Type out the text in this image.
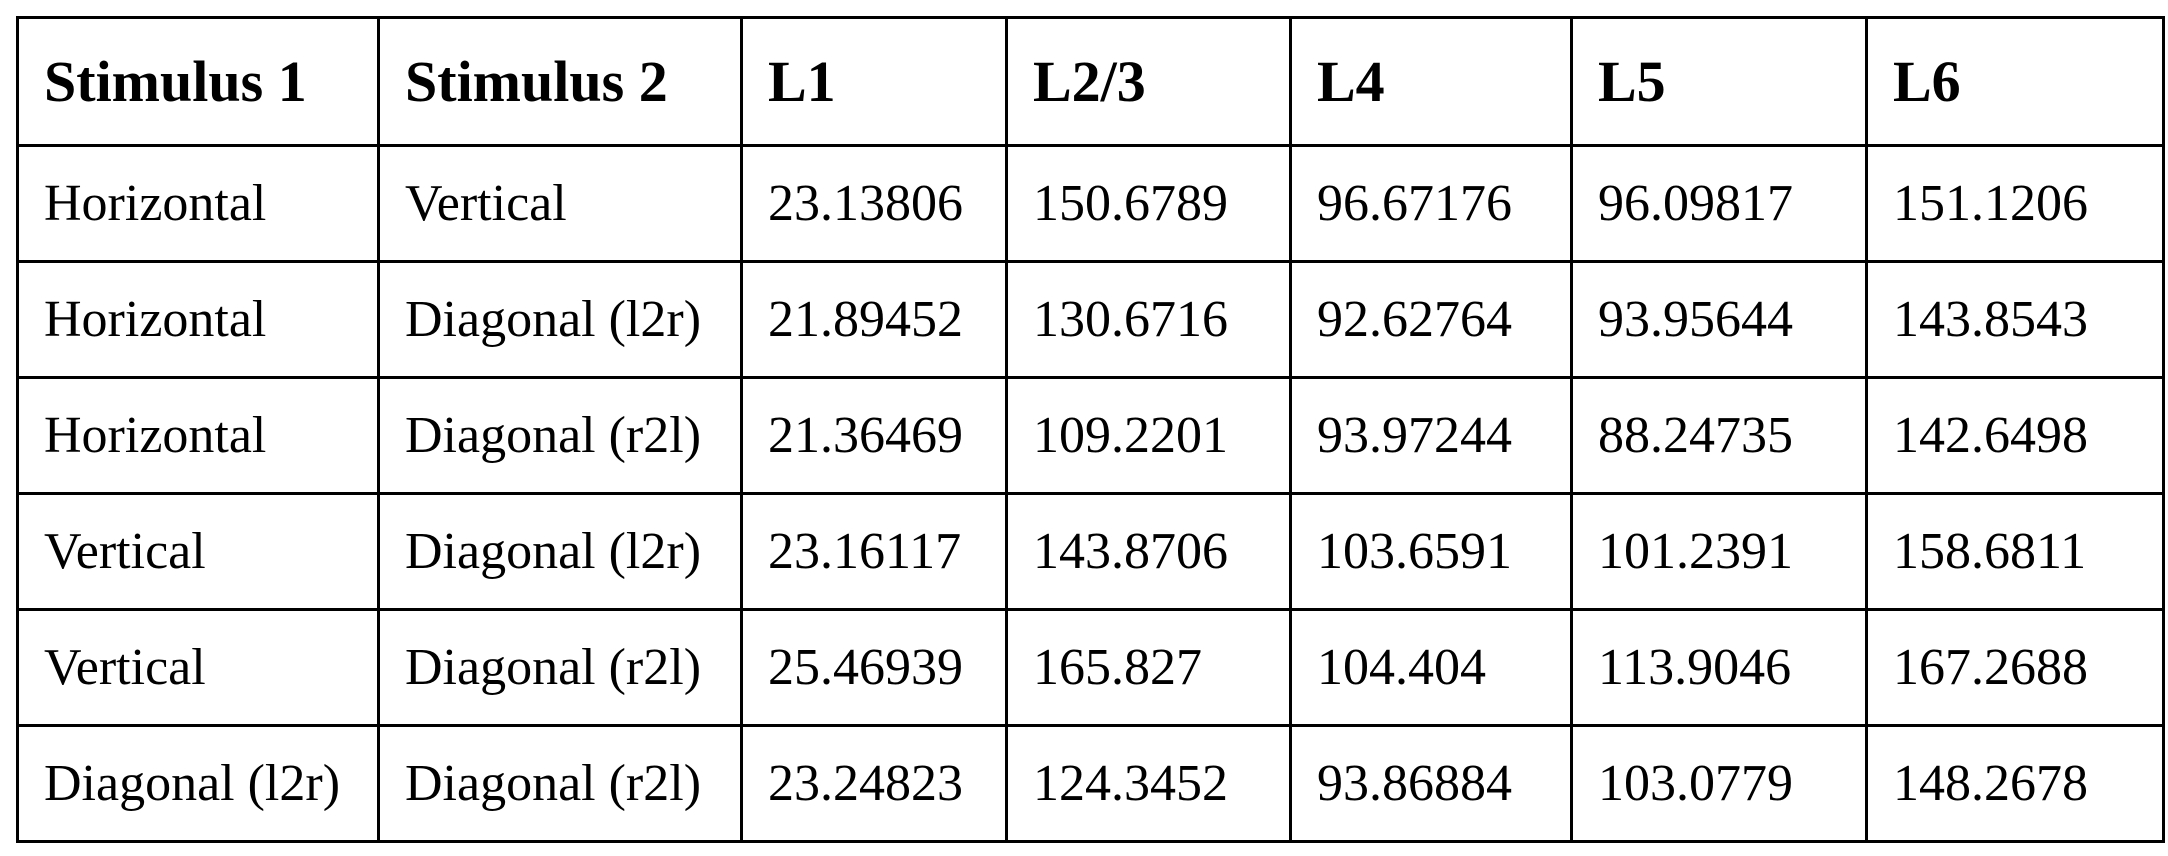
Stimulus 1	Stimulus 2	L1	L2/3	L4	L5	L6
Horizontal	Vertical	23.13806	150.6789	96.67176	96.09817	151.1206
Horizontal	Diagonal (l2r)	21.89452	130.6716	92.62764	93.95644	143.8543
Horizontal	Diagonal (r2l)	21.36469	109.2201	93.97244	88.24735	142.6498
Vertical	Diagonal (l2r)	23.16117	143.8706	103.6591	101.2391	158.6811
Vertical	Diagonal (r2l)	25.46939	165.827	104.404	113.9046	167.2688
Diagonal (l2r)	Diagonal (r2l)	23.24823	124.3452	93.86884	103.0779	148.2678
